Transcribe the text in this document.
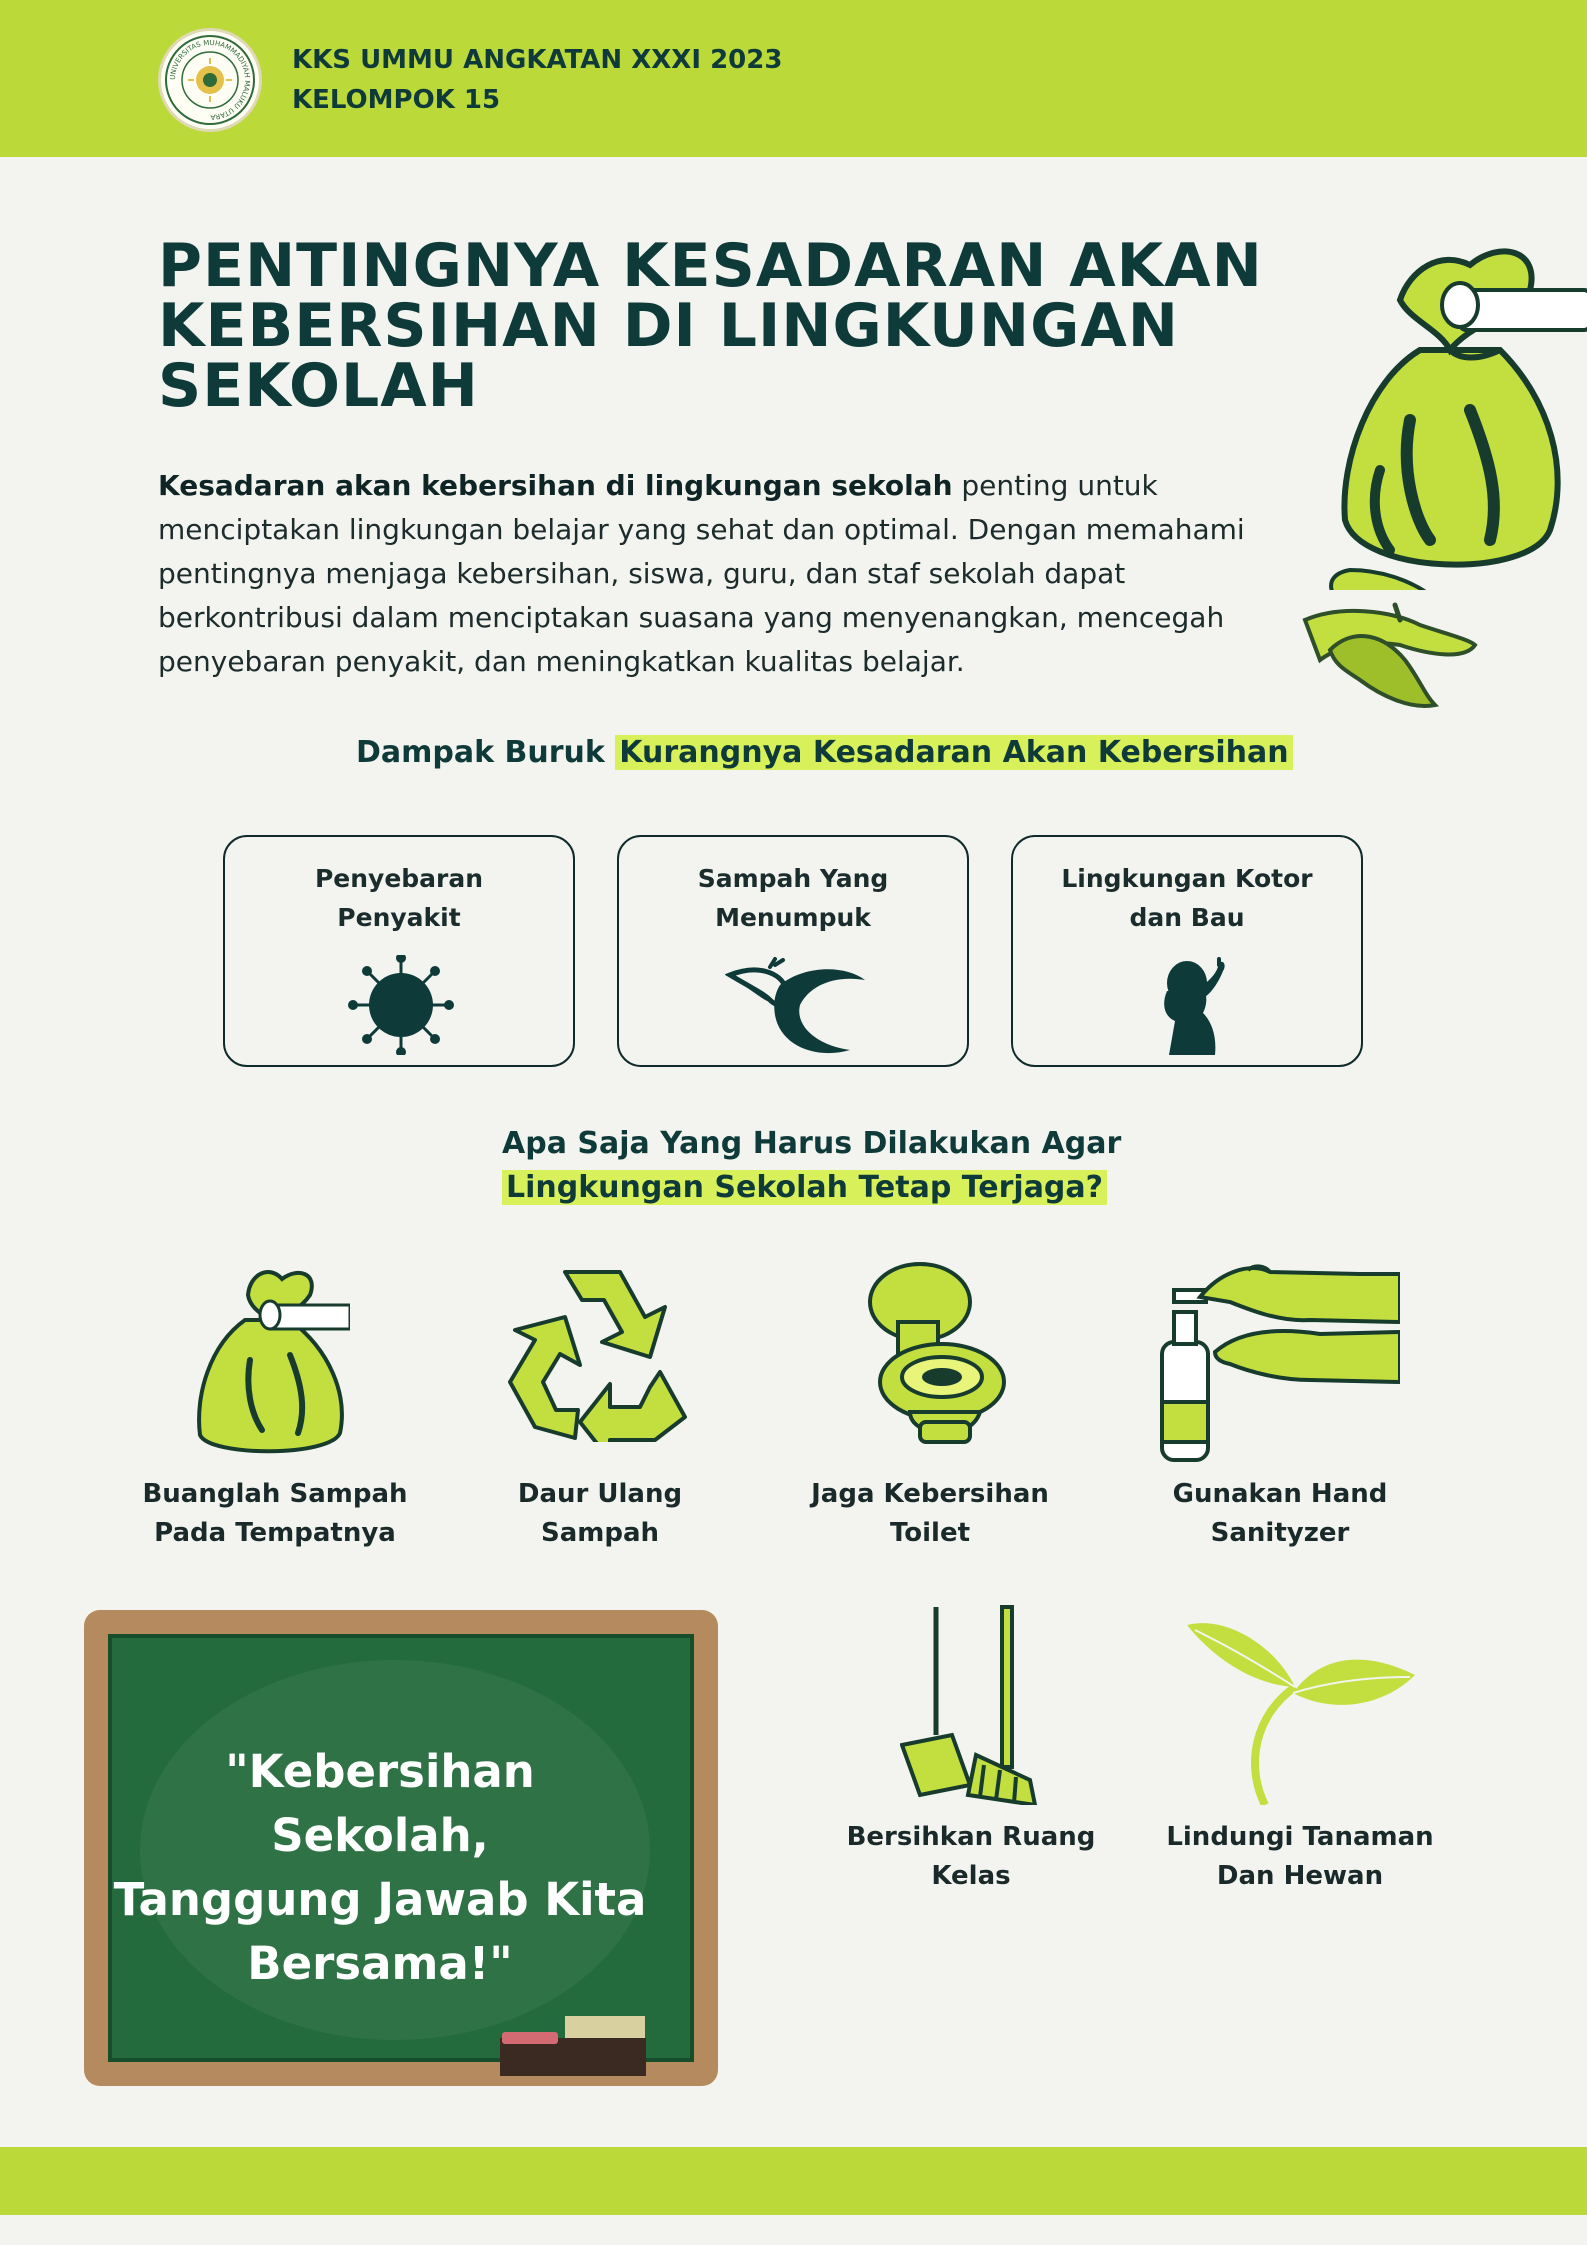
UNIVERSITAS MUHAMMADIYAH MALUKU UTARA
KKS UMMU ANGKATAN XXXI 2023
KELOMPOK 15
PENTINGNYA KESADARAN AKAN KEBERSIHAN DI LINGKUNGAN SEKOLAH

Kesadaran akan kebersihan di lingkungan sekolah penting untuk menciptakan lingkungan belajar yang sehat dan optimal. Dengan memahami pentingnya menjaga kebersihan, siswa, guru, dan staf sekolah dapat berkontribusi dalam menciptakan suasana yang menyenangkan, mencegah penyebaran penyakit, dan meningkatkan kualitas belajar.

Dampak Buruk Kurangnya Kesadaran Akan Kebersihan
Penyebaran
Penyakit
Sampah Yang
Menumpuk
Lingkungan Kotor
dan Bau
Apa Saja Yang Harus Dilakukan Agar
Lingkungan Sekolah Tetap Terjaga?
Buanglah Sampah
Pada Tempatnya
Daur Ulang
Sampah
Jaga Kebersihan
Toilet
Gunakan Hand
Sanityzer
"Kebersihan Sekolah,
Tanggung Jawab Kita
Bersama!"
Bersihkan Ruang
Kelas
Lindungi Tanaman
Dan Hewan
